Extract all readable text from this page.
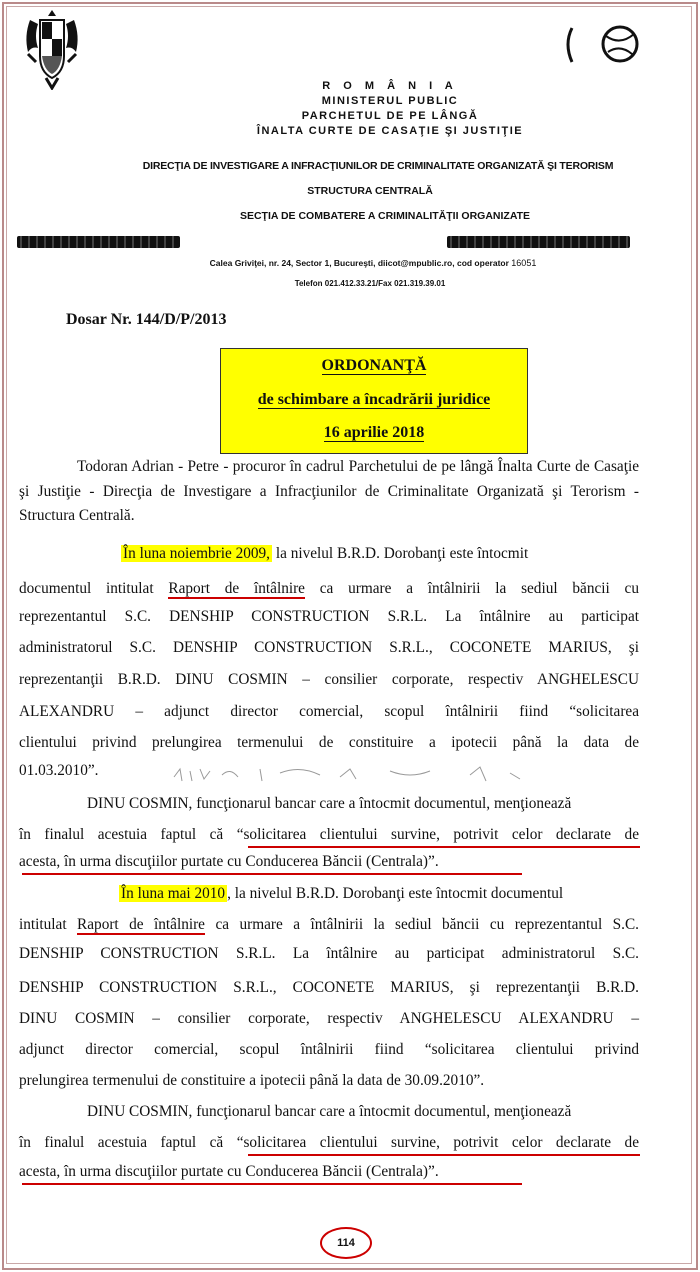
R O M Â N I A
MINISTERUL PUBLIC
PARCHETUL DE PE LÂNGĂ
ÎNALTA CURTE DE CASAŢIE ŞI JUSTIŢIE
DIRECŢIA DE INVESTIGARE A INFRACŢIUNILOR DE CRIMINALITATE ORGANIZATĂ ŞI TERORISM
STRUCTURA CENTRALĂ
SECŢIA DE COMBATERE A CRIMINALITĂŢII ORGANIZATE
Calea Griviţei, nr. 24, Sector 1, Bucureşti, diicot@mpublic.ro, cod operator 16051
Telefon 021.412.33.21/Fax 021.319.39.01
Dosar Nr. 144/D/P/2013
ORDONANŢĂ
de schimbare a încadrării juridice
16 aprilie 2018
Todoran Adrian - Petre - procuror în cadrul Parchetului de pe lângă Înalta Curte de Casaţie şi Justiţie - Direcţia de Investigare a Infracţiunilor de Criminalitate Organizată şi Terorism - Structura Centrală.
În luna noiembrie 2009, la nivelul B.R.D. Dorobanţi este întocmit
documentul intitulat Raport de întâlnire ca urmare a întâlnirii la sediul băncii cu
reprezentantul S.C. DENSHIP CONSTRUCTION S.R.L. La întâlnire au participat
administratorul S.C. DENSHIP CONSTRUCTION S.R.L., COCONETE MARIUS, şi
reprezentanţii B.R.D. DINU COSMIN – consilier corporate, respectiv ANGHELESCU
ALEXANDRU – adjunct director comercial, scopul întâlnirii fiind “solicitarea
clientului privind prelungirea termenului de constituire a ipotecii până la data de
01.03.2010”.
DINU COSMIN, funcţionarul bancar care a întocmit documentul, menţionează
în finalul acestuia faptul că “solicitarea clientului survine, potrivit celor declarate de
acesta, în urma discuţiilor purtate cu Conducerea Băncii (Centrala)”.
În luna mai 2010 , la nivelul B.R.D. Dorobanţi este întocmit documentul
intitulat Raport de întâlnire ca urmare a întâlnirii la sediul băncii cu reprezentantul S.C.
DENSHIP CONSTRUCTION S.R.L. La întâlnire au participat administratorul S.C.
DENSHIP CONSTRUCTION S.R.L., COCONETE MARIUS, şi reprezentanţii B.R.D.
DINU COSMIN – consilier corporate, respectiv ANGHELESCU ALEXANDRU –
adjunct director comercial, scopul întâlnirii fiind “solicitarea clientului privind
prelungirea termenului de constituire a ipotecii până la data de 30.09.2010”.
DINU COSMIN, funcţionarul bancar care a întocmit documentul, menţionează
în finalul acestuia faptul că “solicitarea clientului survine, potrivit celor declarate de
acesta, în urma discuţiilor purtate cu Conducerea Băncii (Centrala)”.
114
